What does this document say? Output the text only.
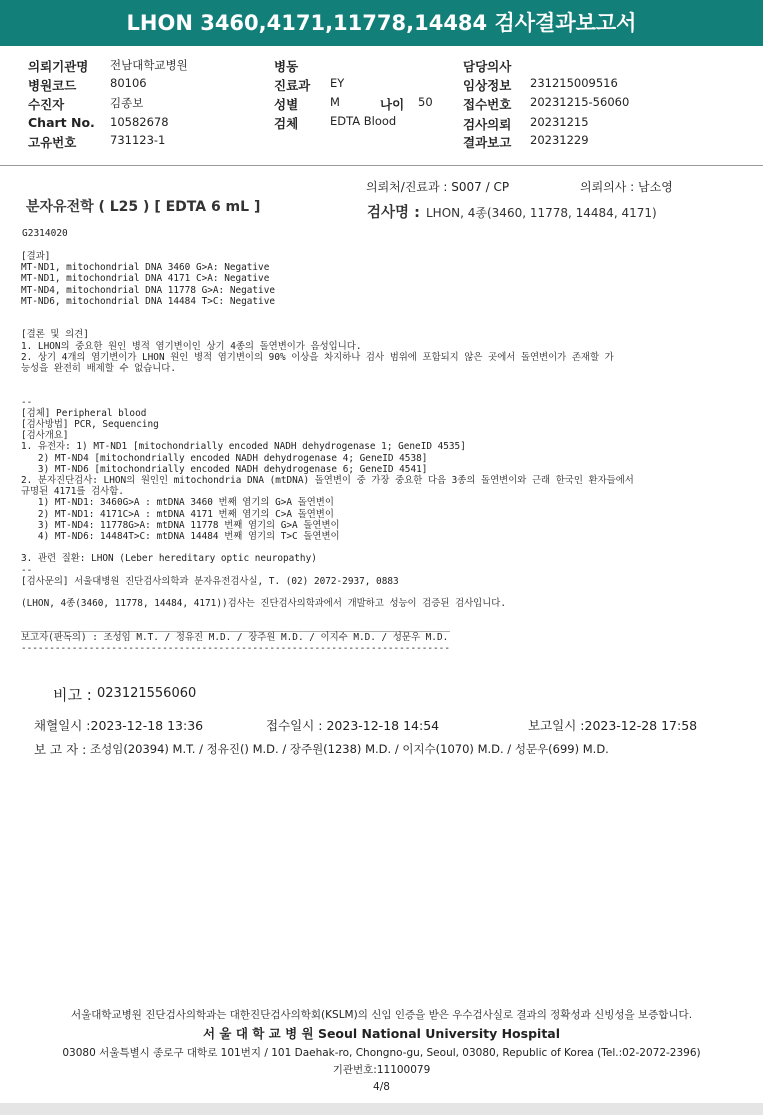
LHON 3460,4171,11778,14484 검사결과보고서
의뢰기관명 전남대학교병원
병원코드	80106
수진자	김종보
Chart No. 10582678
고유번호	731123-1
병동
진료과 EY
성별	M	나이 50
검체	EDTA Blood
담당의사
임상정보 231215009516
접수번호 20231215-56060
검사의뢰 20231215
결과보고 20231229
의뢰처/진료과 : S007 / CP	의뢰의사 : 남소영
분자유전학 ( L25 ) [ EDTA 6 mL ]	검사명 : LHON, 4종(3460, 11778, 14484, 4171)
G2314020
[결과]
MT-ND1, mitochondrial DNA 3460 G>A: Negative
MT-ND1, mitochondrial DNA 4171 C>A: Negative
MT-ND4, mitochondrial DNA 11778 G>A: Negative
MT-ND6, mitochondrial DNA 14484 T>C: Negative

[결론 및 의견]
1. LHON의 중요한 원인 병적 염기변이인 상기 4종의 돌연변이가 음성입니다.
2. 상기 4개의 염기변이가 LHON 원인 병적 염기변이의 90% 이상을 차지하나 검사 범위에 포함되지 않은 곳에서 돌연변이가 존재할 가
능성을 완전히 배제할 수 없습니다.

--
[검체] Peripheral blood
[검사방법] PCR, Sequencing
[검사개요]
1. 유전자: 1) MT-ND1 [mitochondrially encoded NADH dehydrogenase 1; GeneID 4535]
2) MT-ND4 [mitochondrially encoded NADH dehydrogenase 4; GeneID 4538]
3) MT-ND6 [mitochondrially encoded NADH dehydrogenase 6; GeneID 4541]
2. 분자진단검사: LHON의 원인인 mitochondria DNA (mtDNA) 돌연변이 중 가장 중요한 다음 3종의 돌연변이와 근래 한국인 환자들에서
규명된 4171를 검사함.
1) MT-ND1: 3460G>A : mtDNA 3460 번째 염기의 G>A 돌연변이
2) MT-ND1: 4171C>A : mtDNA 4171 번째 염기의 C>A 돌연변이
3) MT-ND4: 11778G>A: mtDNA 11778 번째 염기의 G>A 돌연변이
4) MT-ND6: 14484T>C: mtDNA 14484 번째 염기의 T>C 돌연변이

3. 관련 질환: LHON (Leber hereditary optic neuropathy)
--
[검사문의] 서울대병원 진단검사의학과 분자유전검사실, T. (02) 2072-2937, 0883

(LHON, 4종(3460, 11778, 14484, 4171))검사는 진단검사의학과에서 개발하고 성능이 검증된 검사입니다.

____________________________________________________________________________
보고자(판독의) : 조성임 M.T. / 정유진 M.D. / 장주원 M.D. / 이지수 M.D. / 성문우 M.D.
----------------------------------------------------------------------------
비고 : 023121556060
채혈일시 :2023-12-18 13:36	접수일시 : 2023-12-18 14:54	보고일시 :2023-12-28 17:58
보 고 자 : 조성임(20394) M.T. / 정유진() M.D. / 장주원(1238) M.D. / 이지수(1070) M.D. / 성문우(699) M.D.
서울대학교병원 진단검사의학과는 대한진단검사의학회(KSLM)의 신임 인증을 받은 우수검사실로 결과의 정확성과 신빙성을 보증합니다.
서 울 대 학 교 병 원 Seoul National University Hospital
03080 서울특별시 종로구 대학로 101번지 / 101 Daehak-ro, Chongno-gu, Seoul, 03080, Republic of Korea (Tel.:02-2072-2396)
기관번호:11100079
4/8
